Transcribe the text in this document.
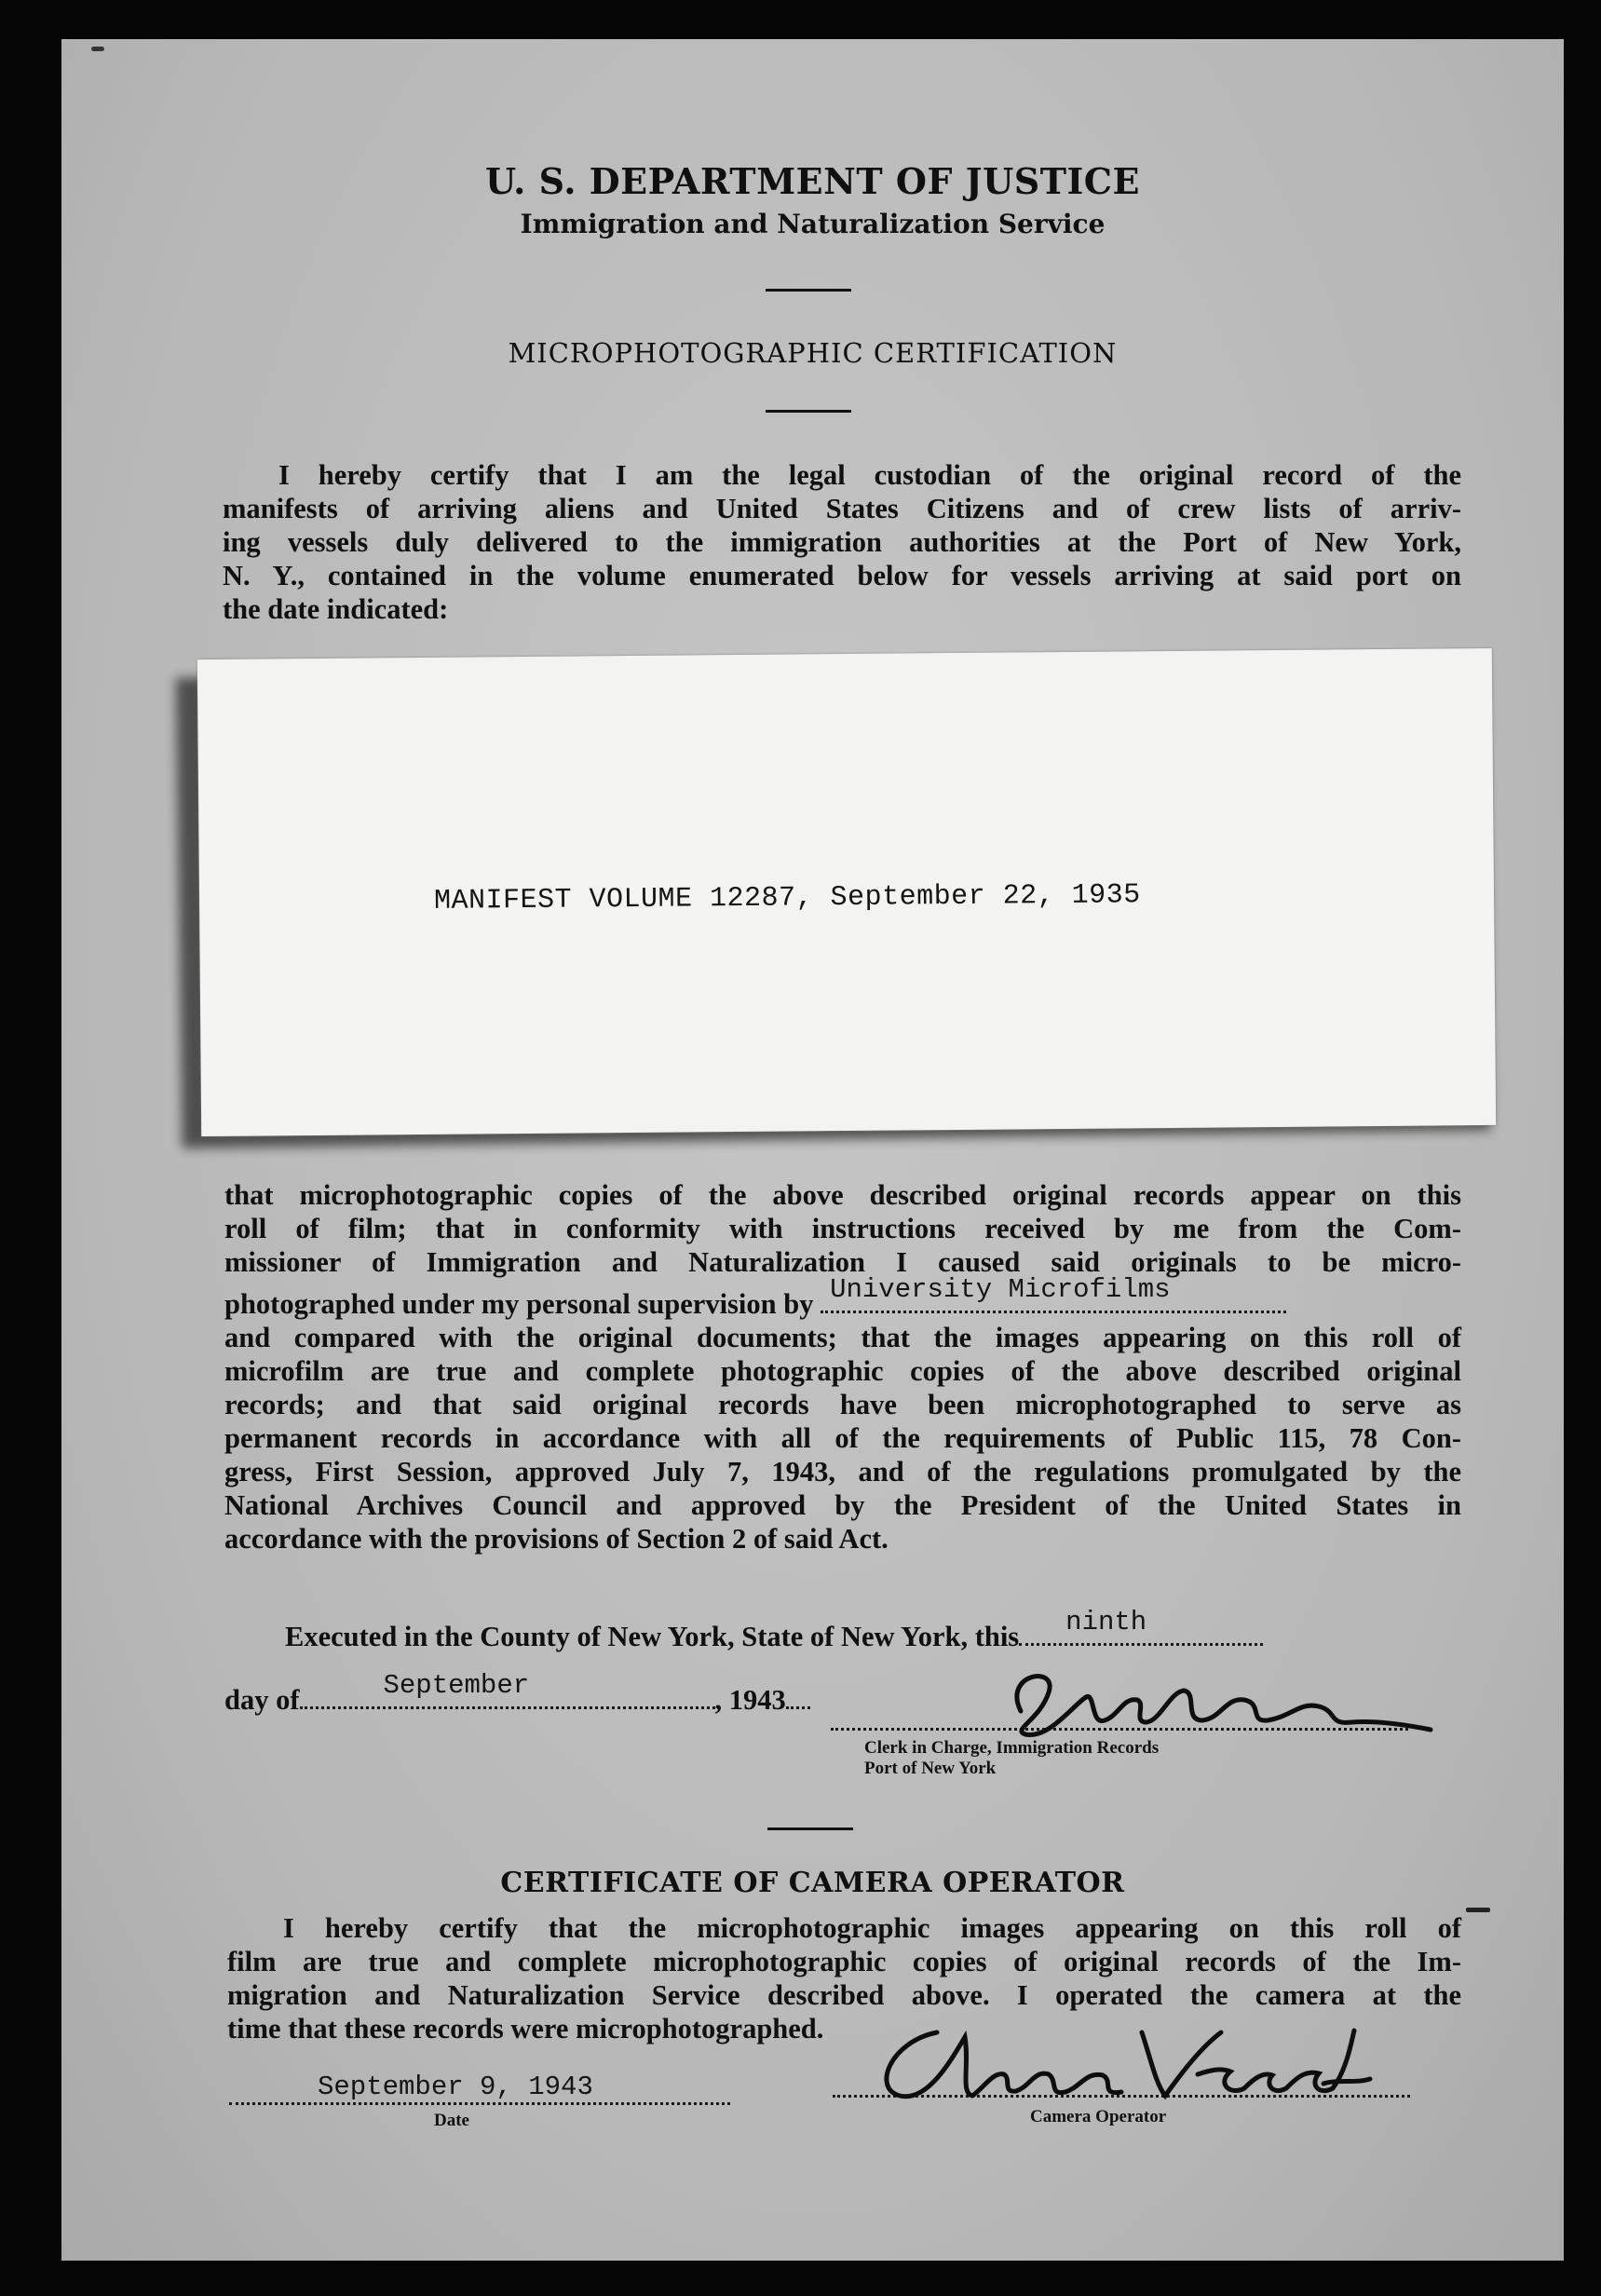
U. S. DEPARTMENT OF JUSTICE
Immigration and Naturalization Service
MICROPHOTOGRAPHIC CERTIFICATION
I hereby certify that I am the legal custodian of the original record of the
manifests of arriving aliens and United States Citizens and of crew lists of arriv-
ing vessels duly delivered to the immigration authorities at the Port of New York,
N. Y., contained in the volume enumerated below for vessels arriving at said port on
the date indicated:
MANIFEST VOLUME 12287, September 22, 1935
that microphotographic copies of the above described original records appear on this
roll of film; that in conformity with instructions received by me from the Com-
missioner of Immigration and Naturalization I caused said originals to be micro-
photographed under my personal supervision by University Microfilms
and compared with the original documents; that the images appearing on this roll of
microfilm are true and complete photographic copies of the above described original
records; and that said original records have been microphotographed to serve as
permanent records in accordance with all of the requirements of Public 115, 78 Con-
gress, First Session, approved July 7, 1943, and of the regulations promulgated by the
National Archives Council and approved by the President of the United States in
accordance with the provisions of Section 2 of said Act.
Executed in the County of New York, State of New York, this ninth
day of	September	, 1943
Clerk in Charge, Immigration Records
Port of New York
CERTIFICATE OF CAMERA OPERATOR
I hereby certify that the microphotographic images appearing on this roll of
film are true and complete microphotographic copies of original records of the Im-
migration and Naturalization Service described above. I operated the camera at the
time that these records were microphotographed.
September 9, 1943
Date	Camera Operator
